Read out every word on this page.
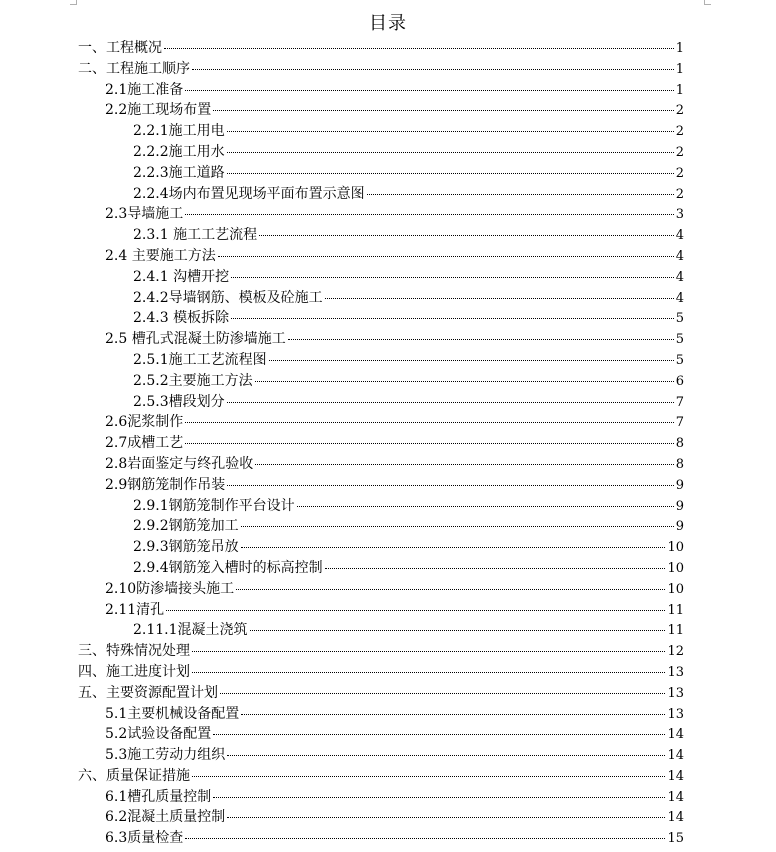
目录
一、工程概况	1
二、工程施工顺序	1
2.1施工准备	1
2.2施工现场布置	2
2.2.1施工用电	2
2.2.2施工用水	2
2.2.3施工道路	2
2.2.4场内布置见现场平面布置示意图	2
2.3导墙施工	3
2.3.1 施工工艺流程	4
2.4 主要施工方法	4
2.4.1 沟槽开挖	4
2.4.2导墙钢筋、模板及砼施工	4
2.4.3 模板拆除	5
2.5 槽孔式混凝土防渗墙施工	5
2.5.1施工工艺流程图	5
2.5.2主要施工方法	6
2.5.3槽段划分	7
2.6泥浆制作	7
2.7成槽工艺	8
2.8岩面鉴定与终孔验收	8
2.9钢筋笼制作吊装	9
2.9.1钢筋笼制作平台设计	9
2.9.2钢筋笼加工	9
2.9.3钢筋笼吊放	10
2.9.4钢筋笼入槽时的标高控制	10
2.10防渗墙接头施工	10
2.11清孔	11
2.11.1混凝土浇筑	11
三、特殊情况处理	12
四、施工进度计划	13
五、主要资源配置计划	13
5.1主要机械设备配置	13
5.2试验设备配置	14
5.3施工劳动力组织	14
六、质量保证措施	14
6.1槽孔质量控制	14
6.2混凝土质量控制	14
6.3质量检查	15
